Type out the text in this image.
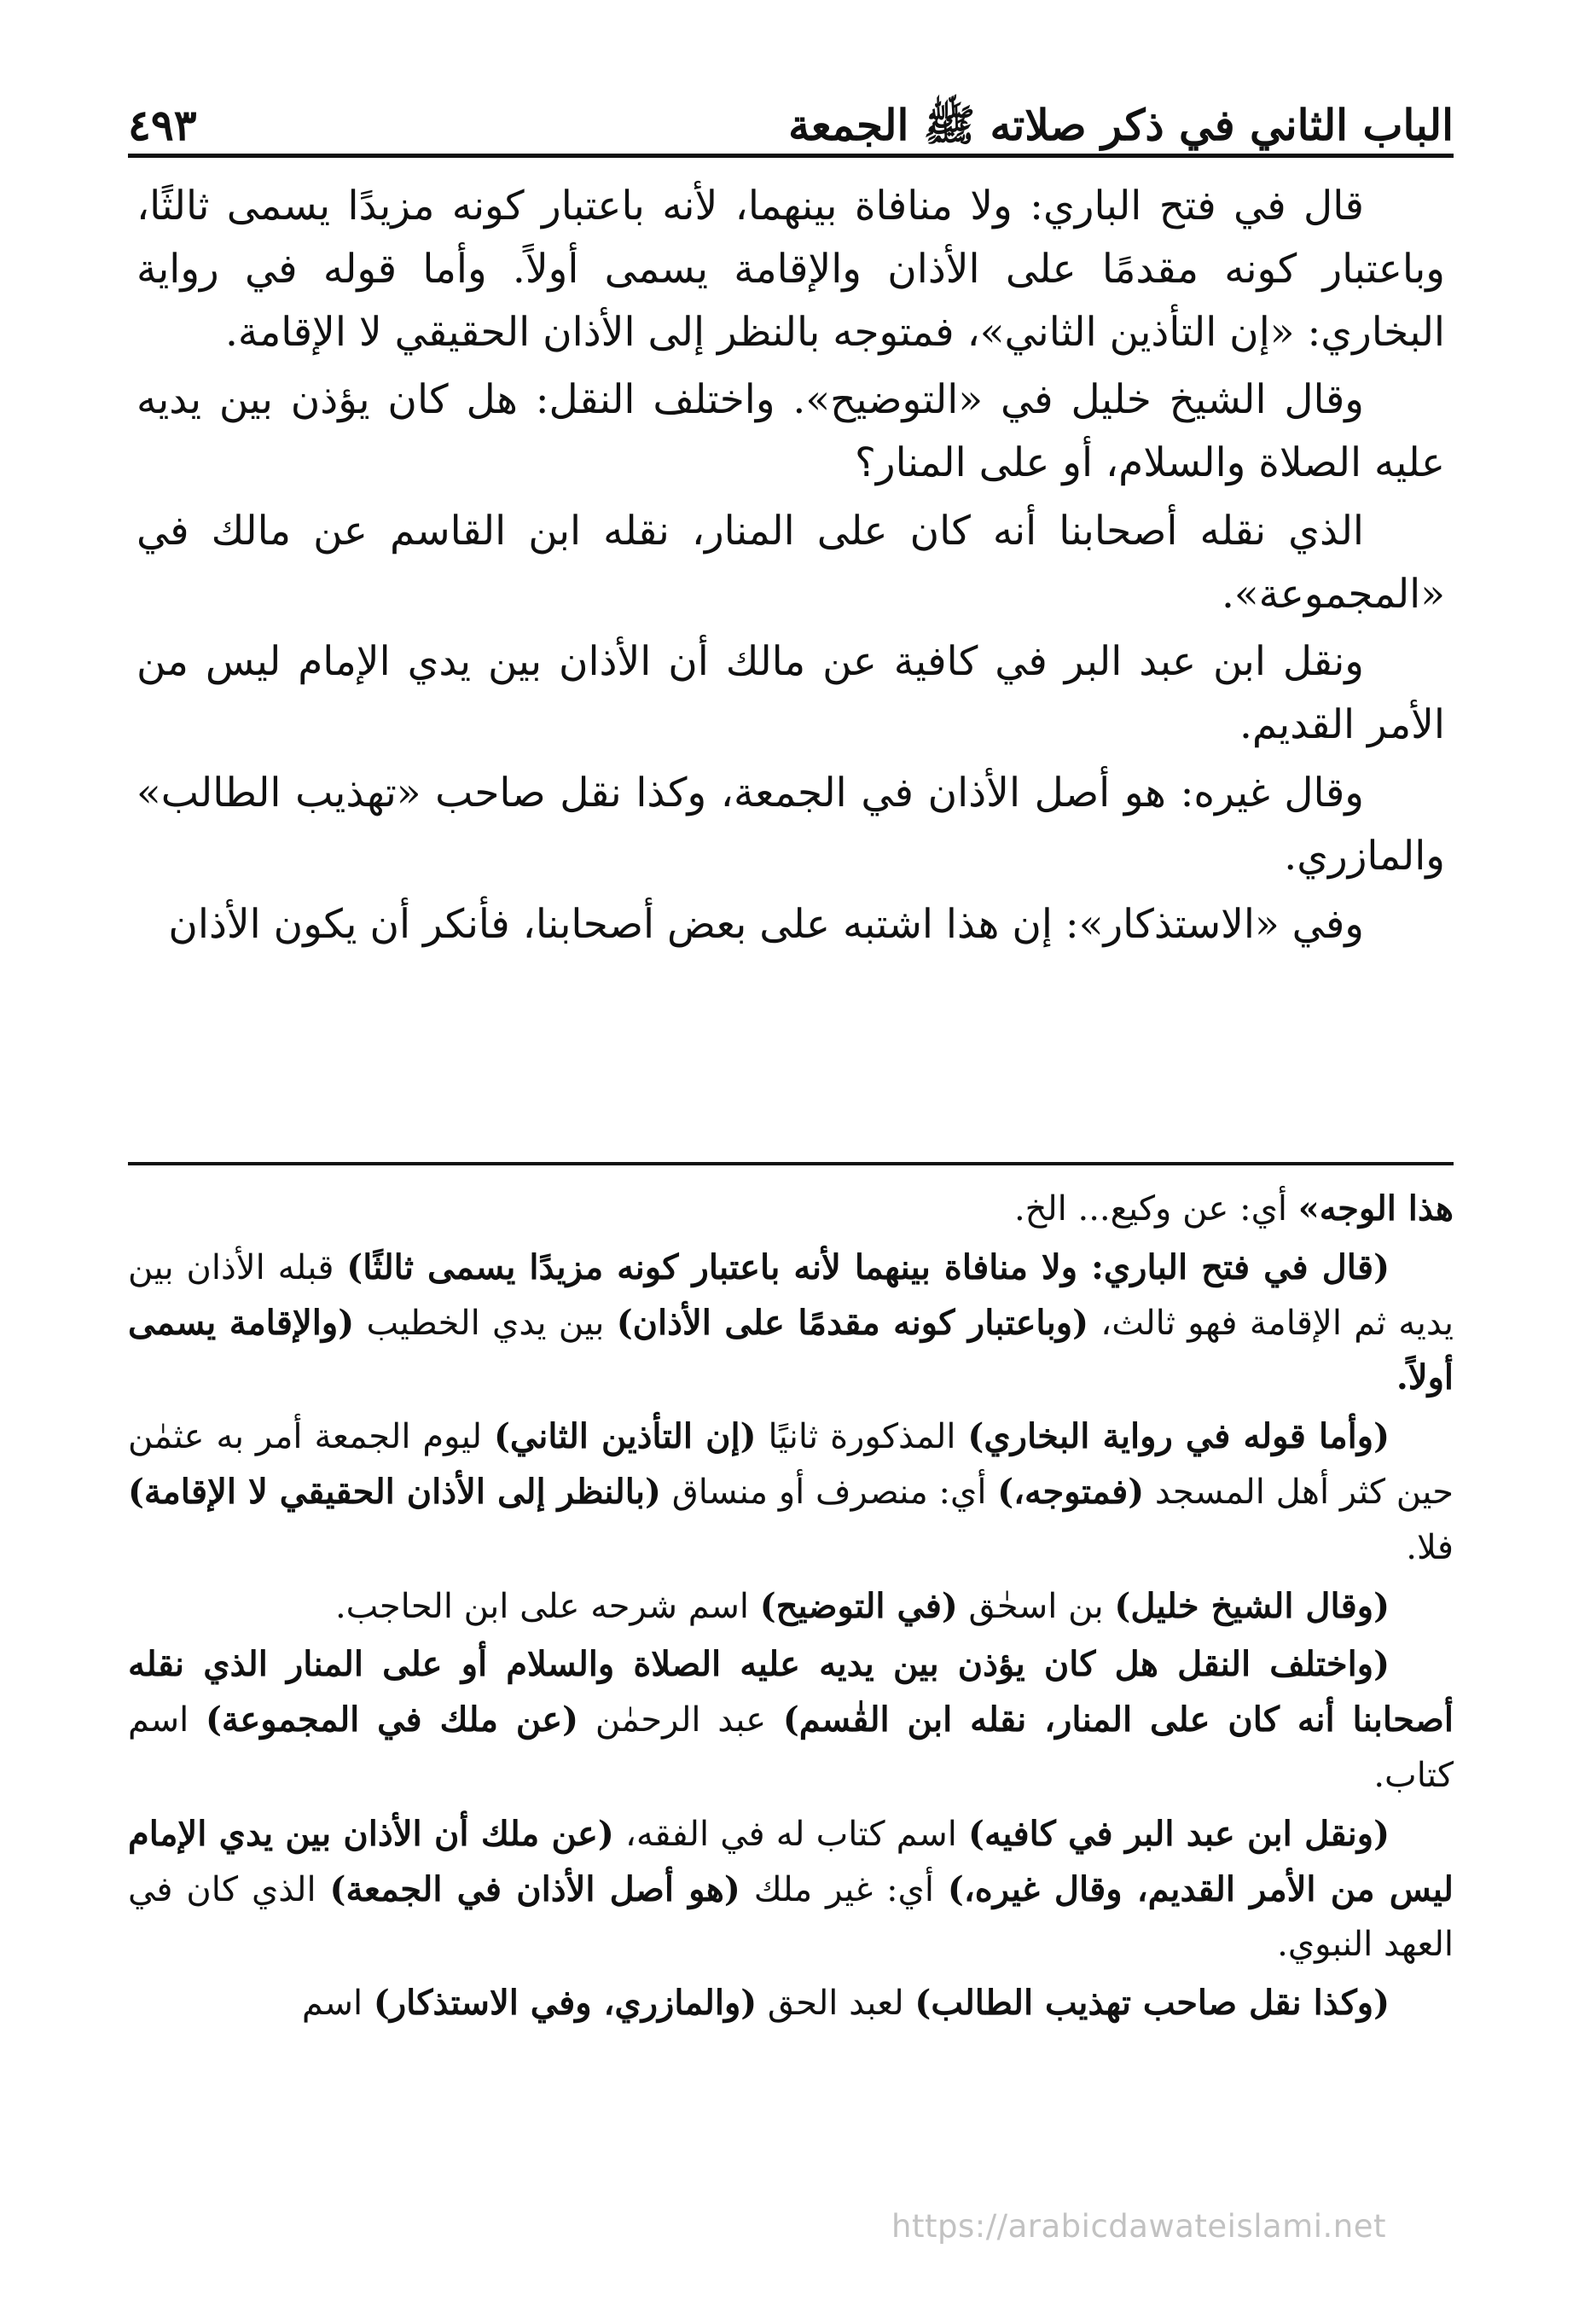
الباب الثاني في ذكر صلاته ﷺ الجمعة
٤٩٣

قال في فتح الباري: ولا منافاة بينهما، لأنه باعتبار كونه مزيدًا يسمى ثالثًا، وباعتبار كونه مقدمًا على الأذان والإقامة يسمى أولاً. وأما قوله في رواية البخاري: «إن التأذين الثاني»، فمتوجه بالنظر إلى الأذان الحقيقي لا الإقامة.

وقال الشيخ خليل في «التوضيح». واختلف النقل: هل كان يؤذن بين يديه عليه الصلاة والسلام، أو على المنار؟

الذي نقله أصحابنا أنه كان على المنار، نقله ابن القاسم عن مالك في «المجموعة».

ونقل ابن عبد البر في كافية عن مالك أن الأذان بين يدي الإمام ليس من الأمر القديم.

وقال غيره: هو أصل الأذان في الجمعة، وكذا نقل صاحب «تهذيب الطالب» والمازري.

وفي «الاستذكار»: إن هذا اشتبه على بعض أصحابنا، فأنكر أن يكون الأذان

هذا الوجه» أي: عن وكيع... الخ.

(قال في فتح الباري: ولا منافاة بينهما لأنه باعتبار كونه مزيدًا يسمى ثالثًا) قبله الأذان بين يديه ثم الإقامة فهو ثالث، (وباعتبار كونه مقدمًا على الأذان) بين يدي الخطيب (والإقامة يسمى أولاً.

(وأما قوله في رواية البخاري) المذكورة ثانيًا (إن التأذين الثاني) ليوم الجمعة أمر به عثمٰن حين كثر أهل المسجد (فمتوجه،) أي: منصرف أو منساق (بالنظر إلى الأذان الحقيقي لا الإقامة) فلا.

(وقال الشيخ خليل) بن اسحٰق (في التوضيح) اسم شرحه على ابن الحاجب.

(واختلف النقل هل كان يؤذن بين يديه عليه الصلاة والسلام أو على المنار الذي نقله أصحابنا أنه كان على المنار، نقله ابن القٰسم) عبد الرحمٰن (عن ملك في المجموعة) اسم كتاب.

(ونقل ابن عبد البر في كافيه) اسم كتاب له في الفقه، (عن ملك أن الأذان بين يدي الإمام ليس من الأمر القديم، وقال غيره،) أي: غير ملك (هو أصل الأذان في الجمعة) الذي كان في العهد النبوي.

(وكذا نقل صاحب تهذيب الطالب) لعبد الحق (والمازري، وفي الاستذكار) اسم

https://arabicdawateislami.net
